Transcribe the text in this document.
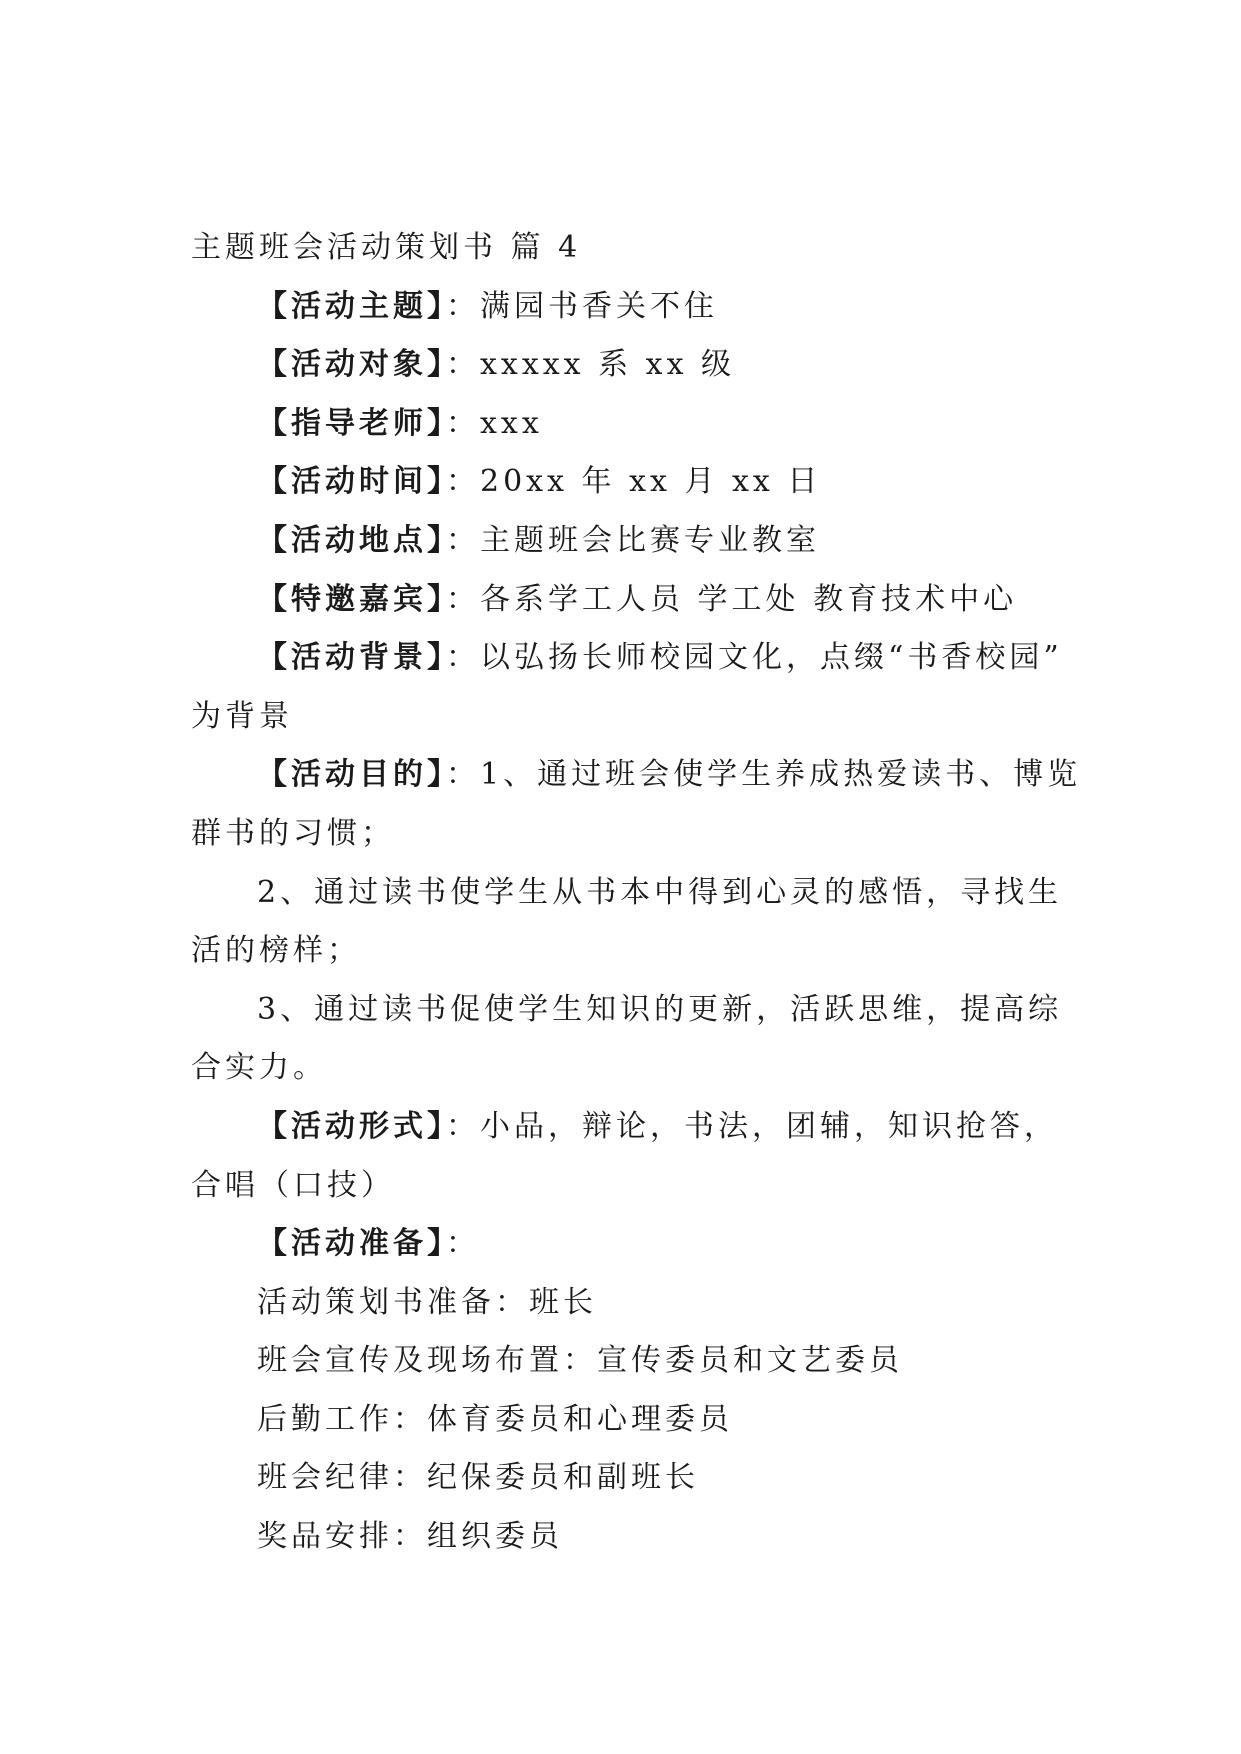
主题班会活动策划书 篇 4
【活动主题】：满园书香关不住
【活动对象】：xxxxx 系 xx 级
【指导老师】：xxx
【活动时间】：20xx 年 xx 月 xx 日
【活动地点】：主题班会比赛专业教室
【特邀嘉宾】：各系学工人员 学工处 教育技术中心
【活动背景】：以弘扬长师校园文化，点缀“书香校园”
为背景
【活动目的】：1、通过班会使学生养成热爱读书、博览
群书的习惯；
2、通过读书使学生从书本中得到心灵的感悟，寻找生
活的榜样；
3、通过读书促使学生知识的更新，活跃思维，提高综
合实力。
【活动形式】：小品，辩论，书法，团辅，知识抢答，
合唱（口技）
【活动准备】：
活动策划书准备：班长
班会宣传及现场布置：宣传委员和文艺委员
后勤工作：体育委员和心理委员
班会纪律：纪保委员和副班长
奖品安排：组织委员
